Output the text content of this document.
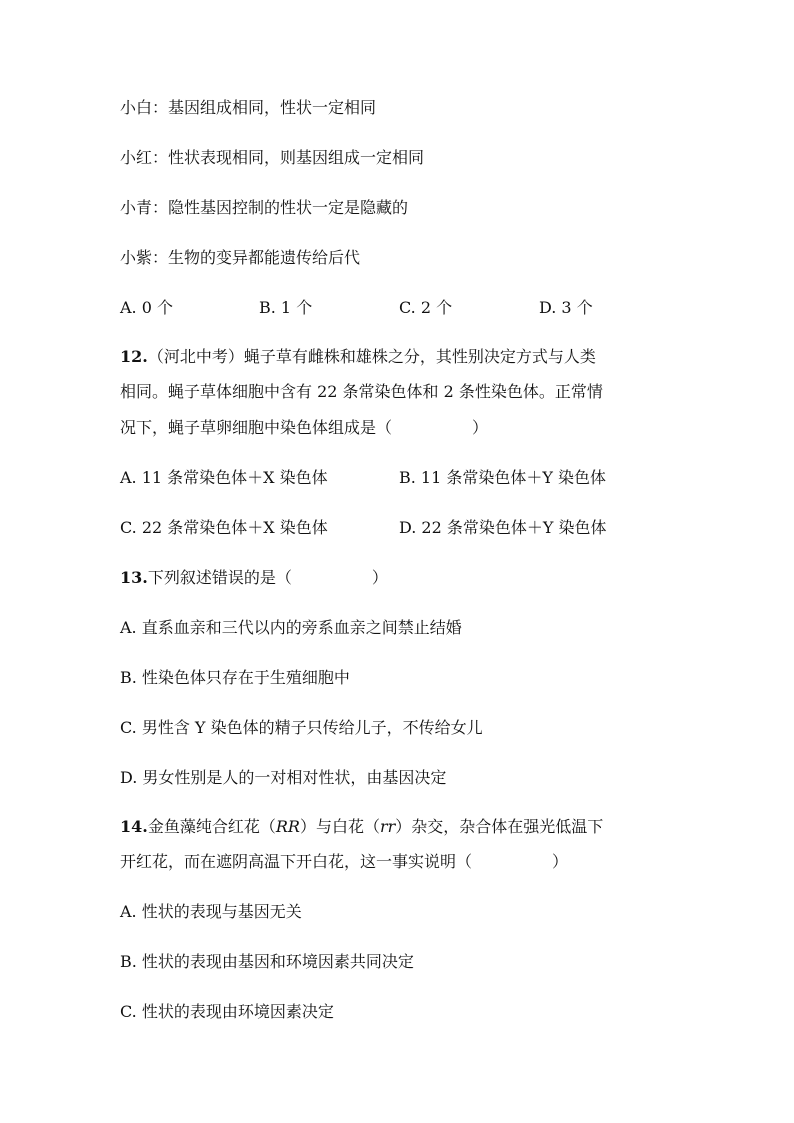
小白：基因组成相同，性状一定相同
小红：性状表现相同，则基因组成一定相同
小青：隐性基因控制的性状一定是隐藏的
小紫：生物的变异都能遗传给后代
A. 0 个	B. 1 个	C. 2 个	D. 3 个
12.（河北中考）蝇子草有雌株和雄株之分，其性别决定方式与人类
相同。蝇子草体细胞中含有 22 条常染色体和 2 条性染色体。正常情
况下，蝇子草卵细胞中染色体组成是（　　　　　）
A. 11 条常染色体＋X 染色体	B. 11 条常染色体＋Y 染色体
C. 22 条常染色体＋X 染色体	D. 22 条常染色体＋Y 染色体
13.下列叙述错误的是（　　　　　）
A. 直系血亲和三代以内的旁系血亲之间禁止结婚
B. 性染色体只存在于生殖细胞中
C. 男性含 Y 染色体的精子只传给儿子，不传给女儿
D. 男女性别是人的一对相对性状，由基因决定
14.金鱼藻纯合红花（RR）与白花（rr）杂交，杂合体在强光低温下
开红花，而在遮阴高温下开白花，这一事实说明（　　　　　）
A. 性状的表现与基因无关
B. 性状的表现由基因和环境因素共同决定
C. 性状的表现由环境因素决定
